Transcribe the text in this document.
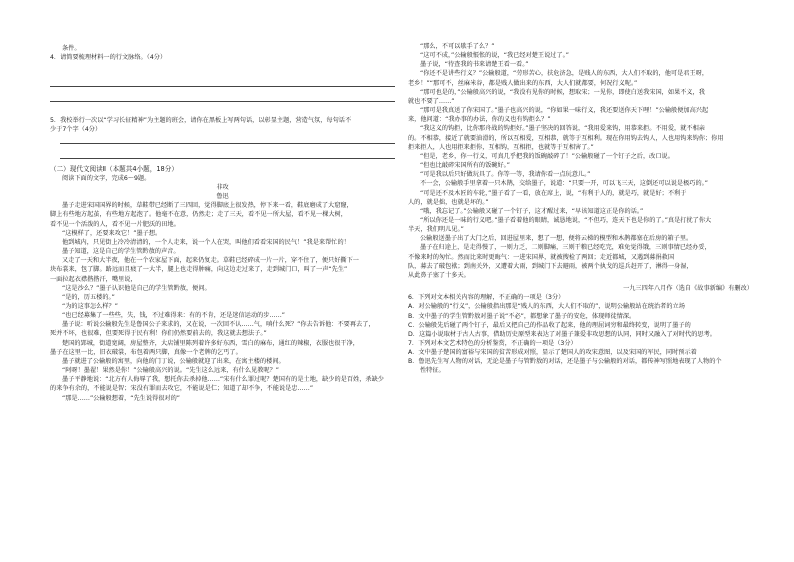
条件。
4．请简要梳理材料一的行文脉络。（4分）
5．我校举行一次以“学习长征精神”为主题的班会，请你在黑板上写两句话，以彰显主题，营造气氛，每句话不
少于7个字（4分）
（二）现代文阅读Ⅱ（本题共4小题，18分）
阅读下面的文字，完成6～9题。
非攻
鲁迅
墨子走进宋国国界的时候，草鞋带已经断了三四回，觉得脚底上很发热，停下来一看，鞋底磨成了大窟窿，
脚上有些地方起茧，有些地方起泡了。他毫不在意，仍然走；走了三天，看不见一所大屋，看不见一棵大树，
看不见一个活泼的人，看不见一片肥沃的田地。
“这模样了，还要来攻它！”墨子想。
他到城内，只见街上冷冷清清的，一个人走来，说一个人在哭，叫他们看看宋国的民气！”我是来帮忙的！
墨子知道，这是自己的学生管黔敖的声音。
又走了一天和大半夜，他在一个农家屋下面，起来仍复走。草鞋已经碎成一片一片，穿不住了，便只好撕下一
块布裳来，包了脚。路远而且疲了一大半，腿上也走得肿痛，向这边走过来了，走到城门口，叫了一声“先生”
一面拉起衣襟揩揩汗，嘴里说，
“这是沙么？”墨子认识他是自己的学生管黔敖，便问。
“是的，历五楼的。”
“为的这事怎么样？”
“也已经募集了一些些，失，钱，不过难得来：有的不肯，还是迷信运动的步……”
墨子说：听说公输般先生是鲁国公子来求的，又在说，一次回不认……气，嗔什么死？”你去告诉他：不要再去了，
死并不坏，也很难，但要死得于民有利！你们仍然要前去的，我这就去想法子。”
楚国的郢城，街道宽阔，房屋整齐，大店铺里陈列着许多好东西，雪白的麻布，通红的辣椒，衣服也很干净，
墨子在这里一比，旧衣破裳，布包着两只脚，真像一个老牌的乞丐了。
墨子就进了公输般的寓里，向他的门丁说，公输般就迎了出来，在寓主楼的楼间。
“阿呀！墨翟！果然是你！”公输般高兴的说。“先生这么远来，有什么见教呢？”
墨子平静地说：“北方有人侮辱了我，想托你去杀掉他……”宋有什么罪过呢？楚国有的是土地，缺少的是百姓，杀缺少
的来争有余的，不能说是智；宋没有罪而去攻它，不能说是仁；知道了却不争，不能说是忠……”
“那是……”公输般想着，“先生说得很对的”
“那么，不可以歇手了么？”
“这可不成，”公输般悵怅的说，“我已经对楚王说过了。”
墨子说，“待查我的书来请楚王看一看。”
“你还不是讲些行义？”公输般道，“劳形苦心，扶危济急，是贱人的东西，大人们不取的，他可是君王呀，
老乡！”“那可不，丝麻米谷，都是贱人做出来的东西，大人们就都要，何况行义呢。”
“那可也是的，”公输般高兴的说，“我没有见你的时候，想取宋；一见你，即使白送我宋国，如果不义，我
就也不要了……”
“那可是我真送了你宋国了。”墨子也高兴的说，“你如果一味行义，我还要送你天下哩！”公输般便加高兴起
来，他问道：“我办事的办法，你的义也有钩拒么？”
“我这义的钩拒，比你那舟战的钩拒好。”墨子坚决的回答说，“我用爱来钩，用恭来拒。不用爱，就不相亲
的。不相恭，接近了就要油滑的，所以互相爱，互相恭，就等于互相利。现在你用钩去钩人，人也用钩来钩你；你用
拒来拒人，人也用拒来拒你，互相钩，互相拒，也就等于互相害了。”
“但是，老乡，你一行义，可真几乎把我的饭碗敲碎了！”公输般碰了一个钉子之后，改口说。
“但也比敲碎宋国所有的饭碗好。”
“可是我以后只好做玩具了。你等一等，我请你看一点玩意儿。”
不一会，公输般手里拿着一只木鹊，交给墨子，说道：“只要一开，可以飞三天，这倒还可以说是极巧的。”
“可是还不及木匠的车轮，”墨子看了一看，放在席上，说，“有利于人的，就是巧，就是好；不利于
人的，就是拙，也就是坏的。”
“哦，我忘记了。”公输般又碰了一个钉子，这才醒过来，“早该知道这正是你的话。”
“所以你还是一味的行义吧。”墨子看着他的眼睛，诚恳地说，“不但巧，连天下也是你的了。”真是打扰了你大
半天，我们明儿见。”
公输般送墨子出了大门之后，回进屋里来，想了一想，便将云梯的模型和木鹊都塞在后房的箱子里。
墨子在归途上，是走得慢了，一则力乏，二则脚痛，三则干粮已经吃完，难免觉得饿，三则事情已经办妥，
不像来时的匆忙。然而比来时更晦气：一进宋国界，就被搜检了两回；走近都城，又遇到募捐救国
队，募去了破包袱；到南关外，又遭着大雨，到城门下去避雨，被两个执戈的巡兵赶开了，淋得一身湿，
从此鼻子塞了十多天。
一九三四年八月作（选自《故事新编》有删改）
6．下列对文本相关内容的理解，不正确的一项是（3分）
A．对公输般的“行义”，公输般指出那是“贱人的东西，大人们不取的”，说明公输般站在统治者的立场
B．文中墨子的学生管黔敖对墨子说“不必”，都想象了墨子的安危，体现师徒情深。
C．公输般先后碰了两个钉子，最后又把自己的作品收了起来，他的理屈词穷和最终转变，说明了墨子的
D．这篇小说取材于古人古事，借助历史原型来表达了对墨子兼爱非攻思想的认同，同时又融入了对时代的思考。
7．下列对本文艺术特色的分析鉴赏，不正确的一项是（3分）
A．文中墨子楚国的富裕与宋国的贫苦形成对照，显示了楚国人的攻宋意图，以及宋国的军民，同时预示着
B．鲁迅先生写人物的对话，无论是墨子与管黔敖的对话，还是墨子与公输般的对话，都传神写照地表现了人物的个
性特征。
